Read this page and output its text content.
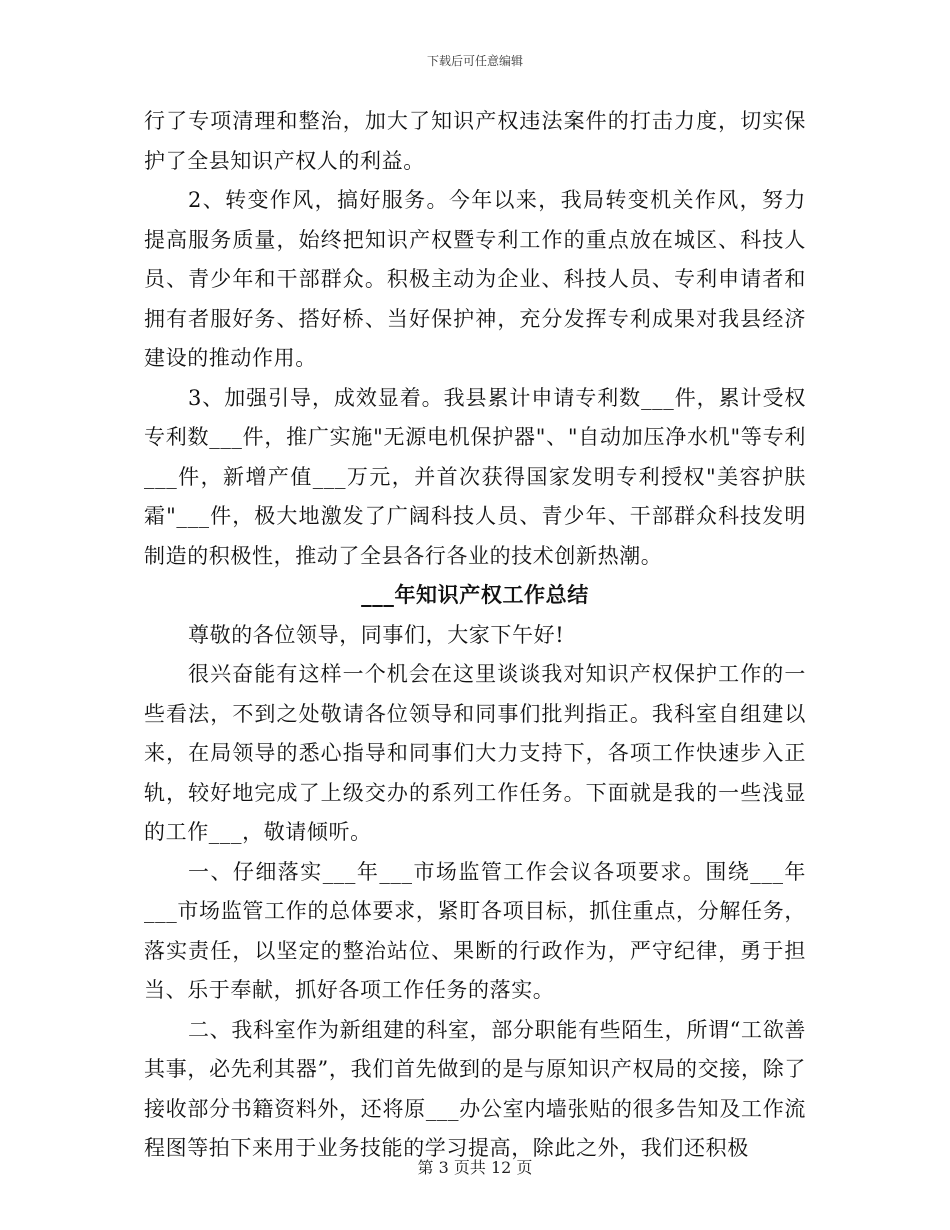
下载后可任意编辑

行了专项清理和整治，加大了知识产权违法案件的打击力度，切实保护了全县知识产权人的利益。

2、转变作风，搞好服务。今年以来，我局转变机关作风，努力提高服务质量，始终把知识产权暨专利工作的重点放在城区、科技人员、青少年和干部群众。积极主动为企业、科技人员、专利申请者和拥有者服好务、搭好桥、当好保护神，充分发挥专利成果对我县经济建设的推动作用。

3、加强引导，成效显着。我县累计申请专利数___件，累计受权专利数___件，推广实施"无源电机保护器"、"自动加压净水机"等专利___件，新增产值___万元，并首次获得国家发明专利授权"美容护肤霜"___件，极大地激发了广阔科技人员、青少年、干部群众科技发明制造的积极性，推动了全县各行各业的技术创新热潮。

___年知识产权工作总结

尊敬的各位领导，同事们，大家下午好!

很兴奋能有这样一个机会在这里谈谈我对知识产权保护工作的一些看法，不到之处敬请各位领导和同事们批判指正。我科室自组建以来，在局领导的悉心指导和同事们大力支持下，各项工作快速步入正轨，较好地完成了上级交办的系列工作任务。下面就是我的一些浅显的工作___，敬请倾听。

一、仔细落实___年___市场监管工作会议各项要求。围绕___年___市场监管工作的总体要求，紧盯各项目标，抓住重点，分解任务，落实责任，以坚定的整治站位、果断的行政作为，严守纪律，勇于担当、乐于奉献，抓好各项工作任务的落实。

二、我科室作为新组建的科室，部分职能有些陌生，所谓“工欲善其事，必先利其器”，我们首先做到的是与原知识产权局的交接，除了接收部分书籍资料外，还将原___办公室内墙张贴的很多告知及工作流程图等拍下来用于业务技能的学习提高，除此之外，我们还积极

第 3 页共 12 页
